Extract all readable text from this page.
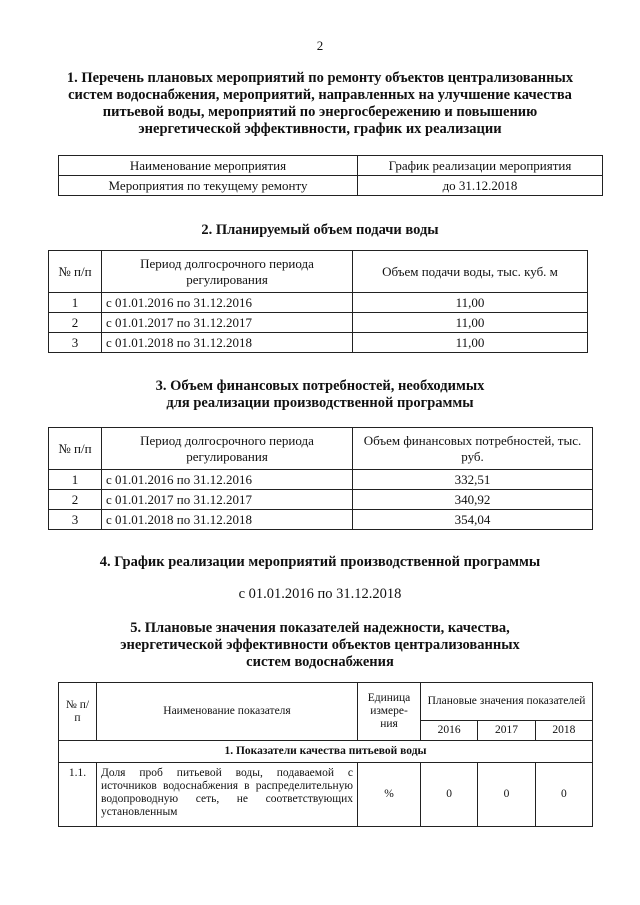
2
1. Перечень плановых мероприятий по ремонту объектов централизованных систем водоснабжения, мероприятий, направленных на улучшение качества питьевой воды, мероприятий по энергосбережению и повышению энергетической эффективности, график их реализации
Наименование мероприятия	График реализации мероприятия
Мероприятия по текущему ремонту	до 31.12.2018
2. Планируемый объем подачи воды
№ п/п	Период долгосрочного периода регулирования	Объем подачи воды, тыс. куб. м
1	с 01.01.2016 по 31.12.2016	11,00
2	с 01.01.2017 по 31.12.2017	11,00
3	с 01.01.2018 по 31.12.2018	11,00
3. Объем финансовых потребностей, необходимых для реализации производственной программы
№ п/п	Период долгосрочного периода регулирования	Объем финансовых потребностей, тыс. руб.
1	с 01.01.2016 по 31.12.2016	332,51
2	с 01.01.2017 по 31.12.2017	340,92
3	с 01.01.2018 по 31.12.2018	354,04
4. График реализации мероприятий производственной программы
с 01.01.2016 по 31.12.2018
5. Плановые значения показателей надежности, качества, энергетической эффективности объектов централизованных систем водоснабжения
№ п/п	Наименование показателя	Единица измере-ния	Плановые значения показателей		
			2016	2017	2018
1. Показатели качества питьевой воды					
1.1.	Доля проб питьевой воды, подаваемой с источников водоснабжения в распределительную водопроводную сеть, не соответствующих установленным	%	0	0	0
